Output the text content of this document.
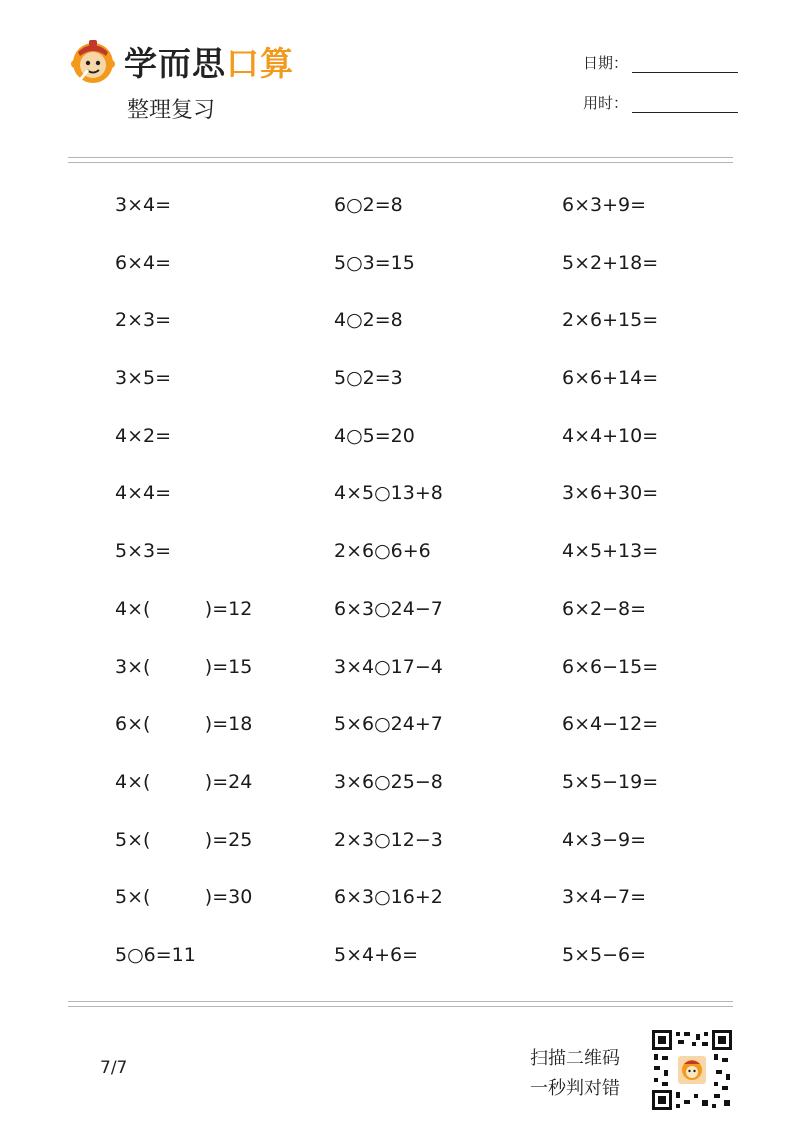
学而思口算
整理复习
日期：
用时：
3×4=
6×4=
2×3=
3×5=
4×2=
4×4=
5×3=
4×(         )=12
3×(         )=15
6×(         )=18
4×(         )=24
5×(         )=25
5×(         )=30
5○6=11
6○2=8
5○3=15
4○2=8
5○2=3
4○5=20
4×5○13+8
2×6○6+6
6×3○24−7
3×4○17−4
5×6○24+7
3×6○25−8
2×3○12−3
6×3○16+2
5×4+6=
6×3+9=
5×2+18=
2×6+15=
6×6+14=
4×4+10=
3×6+30=
4×5+13=
6×2−8=
6×6−15=
6×4−12=
5×5−19=
4×3−9=
3×4−7=
5×5−6=
7/7	扫描二维码
一秒判对错
